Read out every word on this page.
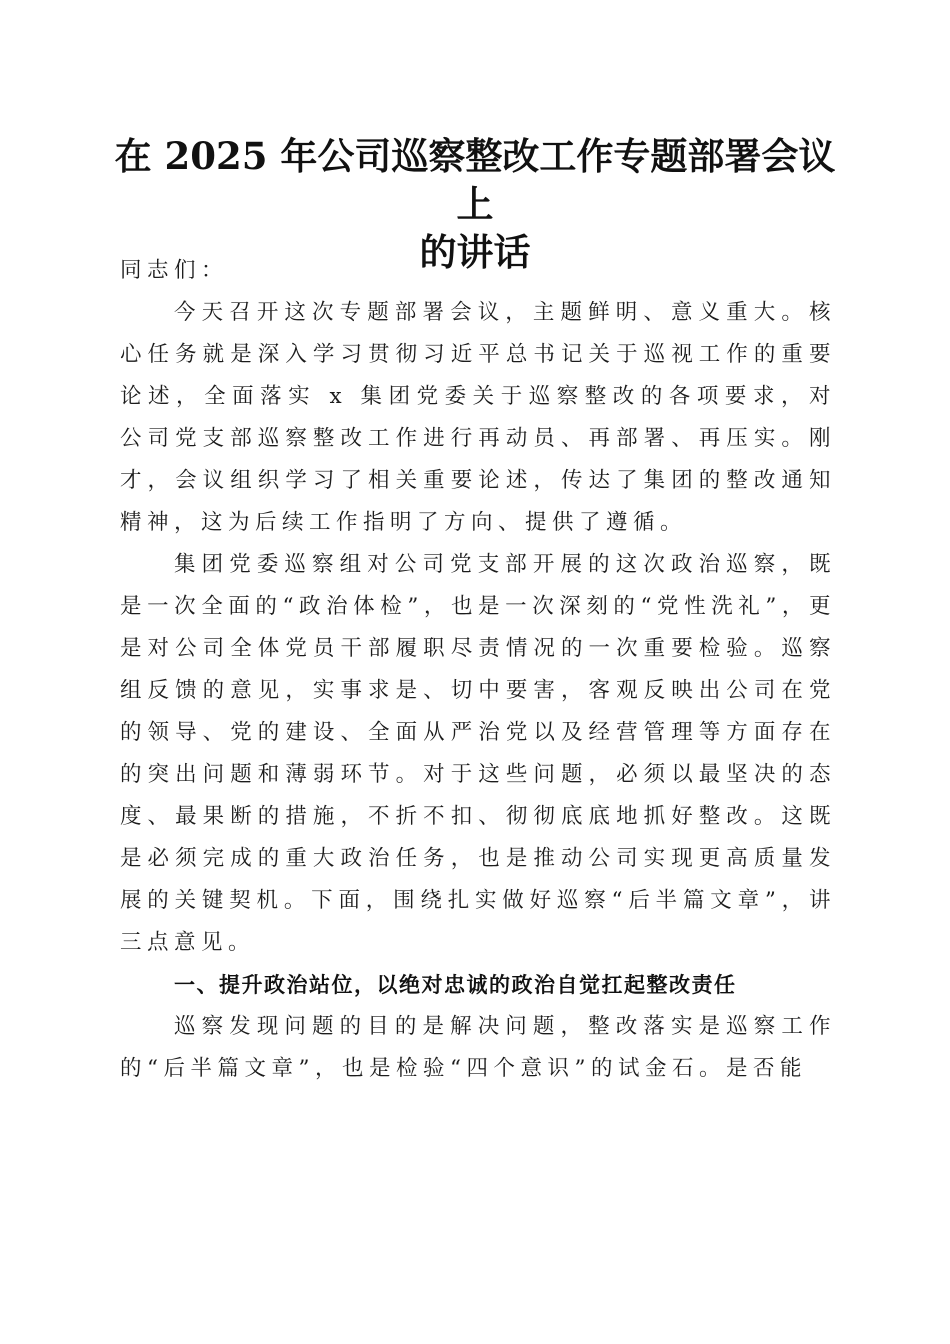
在 2025 年公司巡察整改工作专题部署会议上
的讲话

同志们：

今天召开这次专题部署会议，主题鲜明、意义重大。核心任务就是深入学习贯彻习近平总书记关于巡视工作的重要论述，全面落实 x 集团党委关于巡察整改的各项要求，对公司党支部巡察整改工作进行再动员、再部署、再压实。刚才，会议组织学习了相关重要论述，传达了集团的整改通知精神，这为后续工作指明了方向、提供了遵循。

集团党委巡察组对公司党支部开展的这次政治巡察，既是一次全面的“政治体检”，也是一次深刻的“党性洗礼”，更是对公司全体党员干部履职尽责情况的一次重要检验。巡察组反馈的意见，实事求是、切中要害，客观反映出公司在党的领导、党的建设、全面从严治党以及经营管理等方面存在的突出问题和薄弱环节。对于这些问题，必须以最坚决的态度、最果断的措施，不折不扣、彻彻底底地抓好整改。这既是必须完成的重大政治任务，也是推动公司实现更高质量发展的关键契机。下面，围绕扎实做好巡察“后半篇文章”，讲三点意见。

一、提升政治站位，以绝对忠诚的政治自觉扛起整改责任

巡察发现问题的目的是解决问题，整改落实是巡察工作的“后半篇文章”，也是检验“四个意识”的试金石。是否能
